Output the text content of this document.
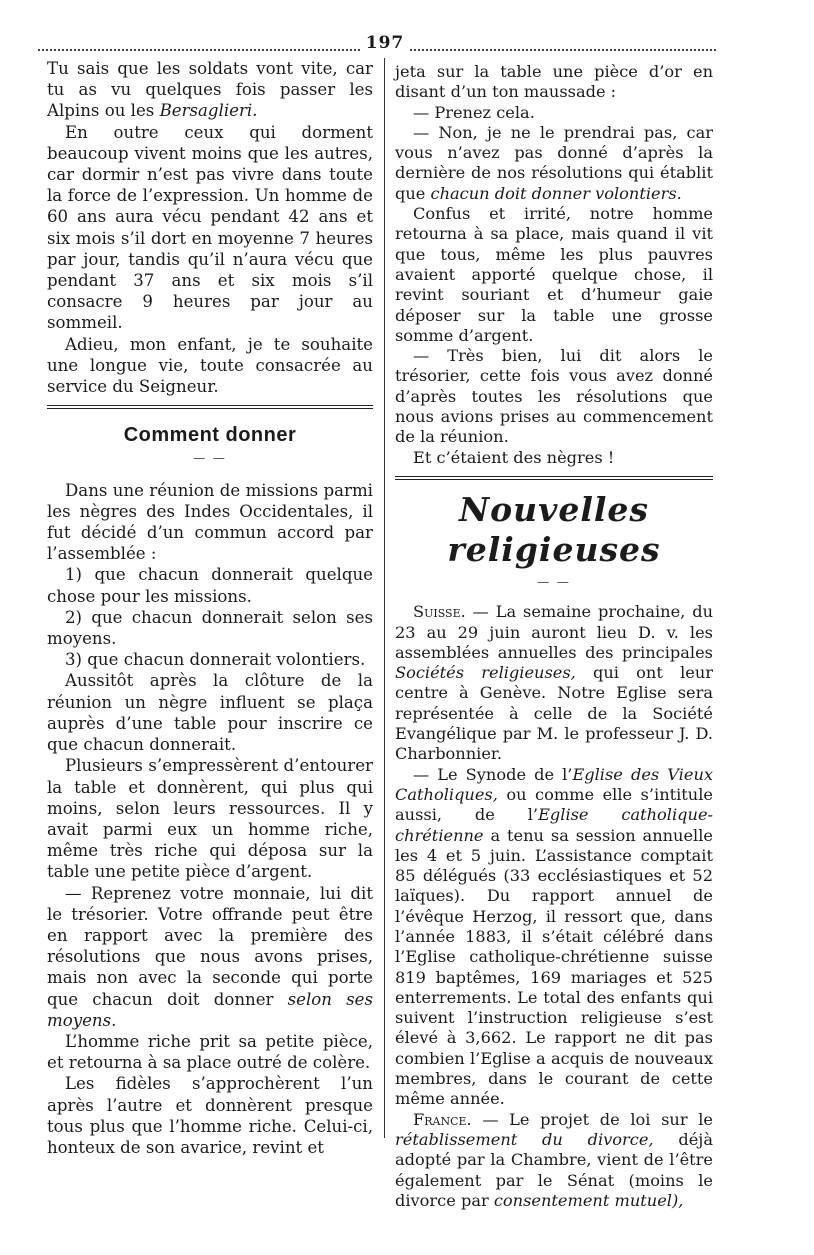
197

Tu sais que les soldats vont vite, car tu as vu quelques fois passer les Alpins ou les Bersaglieri.

En outre ceux qui dorment beaucoup vivent moins que les autres, car dormir n’est pas vivre dans toute la force de l’expression. Un homme de 60 ans aura vécu pendant 42 ans et six mois s’il dort en moyenne 7 heures par jour, tandis qu’il n’aura vécu que pendant 37 ans et six mois s’il consacre 9 heures par jour au sommeil.

Adieu, mon enfant, je te souhaite une longue vie, toute consacrée au service du Seigneur.

Comment donner
— —

Dans une réunion de missions parmi les nègres des Indes Occidentales, il fut décidé d’un commun accord par l’assemblée :

1) que chacun donnerait quelque chose pour les missions.

2) que chacun donnerait selon ses moyens.

3) que chacun donnerait volontiers.

Aussitôt après la clôture de la réunion un nègre influent se plaça auprès d’une table pour inscrire ce que chacun donnerait.

Plusieurs s’empressèrent d’entourer la table et donnèrent, qui plus qui moins, selon leurs ressources. Il y avait parmi eux un homme riche, même très riche qui déposa sur la table une petite pièce d’argent.

— Reprenez votre monnaie, lui dit le trésorier. Votre offrande peut être en rapport avec la première des résolutions que nous avons prises, mais non avec la seconde qui porte que chacun doit donner selon ses moyens.

L’homme riche prit sa petite pièce, et retourna à sa place outré de colère.

Les fidèles s’approchèrent l’un après l’autre et donnèrent presque tous plus que l’homme riche. Celui-ci, honteux de son avarice, revint et

jeta sur la table une pièce d’or en disant d’un ton maussade :

— Prenez cela.

— Non, je ne le prendrai pas, car vous n’avez pas donné d’après la dernière de nos résolutions qui établit que chacun doit donner volontiers.

Confus et irrité, notre homme retourna à sa place, mais quand il vit que tous, même les plus pauvres avaient apporté quelque chose, il revint souriant et d’humeur gaie déposer sur la table une grosse somme d’argent.

— Très bien, lui dit alors le trésorier, cette fois vous avez donné d’après toutes les résolutions que nous avions prises au commencement de la réunion.

Et c’étaient des nègres !

Nouvelles religieuses
— —

Suisse. — La semaine prochaine, du 23 au 29 juin auront lieu D. v. les assemblées annuelles des principales Sociétés religieuses, qui ont leur centre à Genève. Notre Eglise sera représentée à celle de la Société Evangélique par M. le professeur J. D. Charbonnier.

— Le Synode de l’Eglise des Vieux Catholiques, ou comme elle s’intitule aussi, de l’Eglise catholique-chrétienne a tenu sa session annuelle les 4 et 5 juin. L’assistance comptait 85 délégués (33 ecclésiastiques et 52 laïques). Du rapport annuel de l’évêque Herzog, il ressort que, dans l’année 1883, il s’était célébré dans l’Eglise catholique-chrétienne suisse 819 baptêmes, 169 mariages et 525 enterrements. Le total des enfants qui suivent l’instruction religieuse s’est élevé à 3,662. Le rapport ne dit pas combien l’Eglise a acquis de nouveaux membres, dans le courant de cette même année.

France. — Le projet de loi sur le rétablissement du divorce, déjà adopté par la Chambre, vient de l’être également par le Sénat (moins le divorce par consentement mutuel),
